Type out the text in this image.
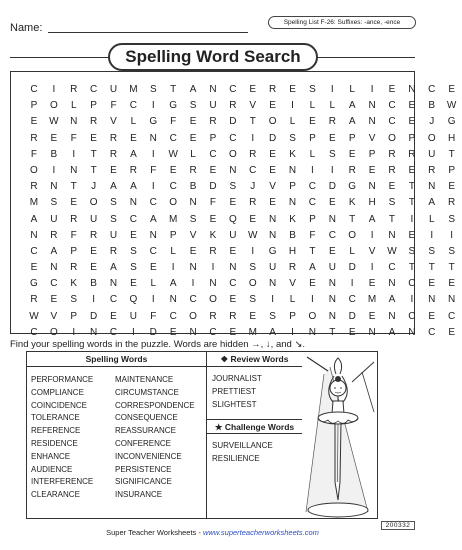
Name:	Spelling List F-26: Suffixes: -ance, -ence
Spelling Word Search
C	I	R	C	U	M	S	T	A	N	C	E	R	E	S	I	L	I	E	N	C	E
P	O	L	P	F	C	I	G	S	U	R	V	E	I	L	L	A	N	C	E	B	W
E	W	N	R	V	L	G	F	E	R	D	T	O	L	E	R	A	N	C	E	J	G
R	E	F	E	R	E	N	C	E	P	C	I	D	S	P	E	P	V	O	P	O	H
F	B	I	T	R	A	I	W	L	C	O	R	E	K	L	S	E	P	R	R	U	T
O	I	N	T	E	R	F	E	R	E	N	C	E	N	I	I	R	E	R	E	R	P
R	N	T	J	A	A	I	C	B	D	S	J	V	P	C	D	G	N	E	T	N	E
M	S	E	O	S	N	C	O	N	F	E	R	E	N	C	E	K	H	S	T	A	R
A	U	R	U	S	C	A	M	S	E	Q	E	N	K	P	N	T	A	T	I	L	S
N	R	F	R	U	E	N	P	V	K	U	W	N	B	F	C	O	I	N	E	I	I
C	A	P	E	R	S	C	L	E	R	E	I	G	H	T	E	L	V	W	S	S	S
E	N	R	E	A	S	E	I	N	I	N	S	U	R	A	U	D	I	C	T	T	T
G	C	K	B	N	E	L	A	I	N	C	O	N	V	E	N	I	E	N	C	E	E
R	E	S	I	C	Q	I	N	C	O	E	S	I	L	I	N	C	M	A	I	N	N
W	V	P	D	E	U	F	C	O	R	R	E	S	P	O	N	D	E	N	C	E	C
C	O	I	N	C	I	D	E	N	C	E	M	A	I	N	T	E	N	A	N	C	E
Find your spelling words in the puzzle. Words are hidden →, ↓, and ↘.
Spelling Words
PERFORMANCE
COMPLIANCE
COINCIDENCE
TOLERANCE
REFERENCE
RESIDENCE
ENHANCE
AUDIENCE
INTERFERENCE
CLEARANCE
MAINTENANCE
CIRCUMSTANCE
CORRESPONDENCE
CONSEQUENCE
REASSURANCE
CONFERENCE
INCONVENIENCE
PERSISTENCE
SIGNIFICANCE
INSURANCE
❖ Review Words
JOURNALIST
PRETTIEST
SLIGHTEST
★ Challenge Words
SURVEILLANCE
RESILIENCE
Super Teacher Worksheets - www.superteacherworksheets.com
200332
